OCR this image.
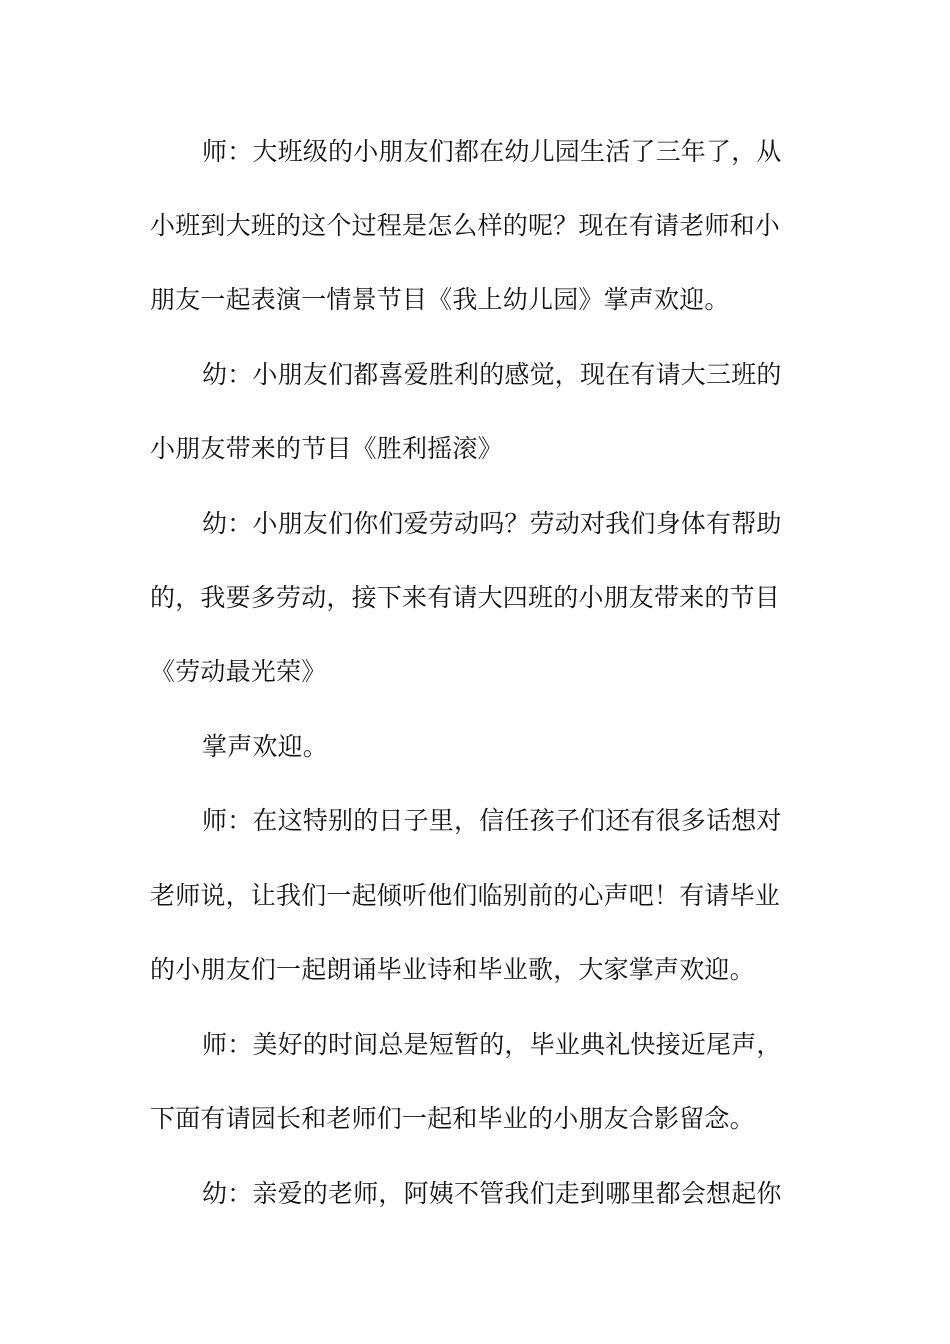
师：大班级的小朋友们都在幼儿园生活了三年了，从
小班到大班的这个过程是怎么样的呢？现在有请老师和小
朋友一起表演一情景节目《我上幼儿园》掌声欢迎。
幼：小朋友们都喜爱胜利的感觉，现在有请大三班的
小朋友带来的节目《胜利摇滚》
幼：小朋友们你们爱劳动吗？劳动对我们身体有帮助
的，我要多劳动，接下来有请大四班的小朋友带来的节目
《劳动最光荣》
掌声欢迎。
师：在这特别的日子里，信任孩子们还有很多话想对
老师说，让我们一起倾听他们临别前的心声吧！有请毕业
的小朋友们一起朗诵毕业诗和毕业歌，大家掌声欢迎。
师：美好的时间总是短暂的，毕业典礼快接近尾声，
下面有请园长和老师们一起和毕业的小朋友合影留念。
幼：亲爱的老师，阿姨不管我们走到哪里都会想起你
